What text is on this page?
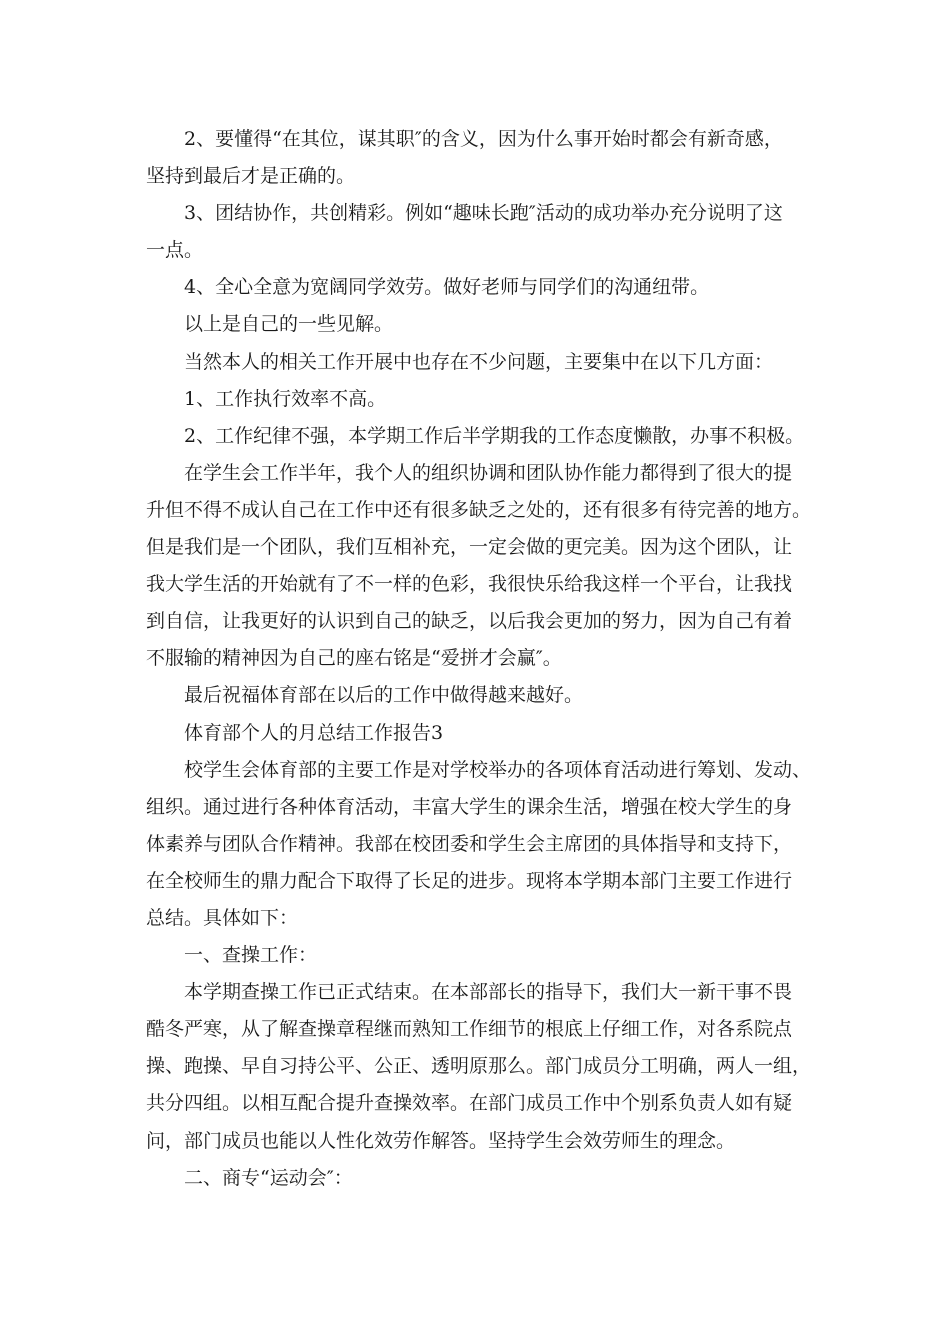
2、要懂得“在其位，谋其职″的含义，因为什么事开始时都会有新奇感，
坚持到最后才是正确的。
3、团结协作，共创精彩。例如“趣味长跑″活动的成功举办充分说明了这
一点。
4、全心全意为宽阔同学效劳。做好老师与同学们的沟通纽带。
以上是自己的一些见解。
当然本人的相关工作开展中也存在不少问题，主要集中在以下几方面：
1、工作执行效率不高。
2、工作纪律不强，本学期工作后半学期我的工作态度懒散，办事不积极。
在学生会工作半年，我个人的组织协调和团队协作能力都得到了很大的提
升但不得不成认自己在工作中还有很多缺乏之处的，还有很多有待完善的地方。
但是我们是一个团队，我们互相补充，一定会做的更完美。因为这个团队，让
我大学生活的开始就有了不一样的色彩，我很快乐给我这样一个平台，让我找
到自信，让我更好的认识到自己的缺乏，以后我会更加的努力，因为自己有着
不服输的精神因为自己的座右铭是“爱拼才会赢″。
最后祝福体育部在以后的工作中做得越来越好。
体育部个人的月总结工作报告3
校学生会体育部的主要工作是对学校举办的各项体育活动进行筹划、发动、
组织。通过进行各种体育活动，丰富大学生的课余生活，增强在校大学生的身
体素养与团队合作精神。我部在校团委和学生会主席团的具体指导和支持下，
在全校师生的鼎力配合下取得了长足的进步。现将本学期本部门主要工作进行
总结。具体如下：
一、查操工作：
本学期查操工作已正式结束。在本部部长的指导下，我们大一新干事不畏
酷冬严寒，从了解查操章程继而熟知工作细节的根底上仔细工作，对各系院点
操、跑操、早自习持公平、公正、透明原那么。部门成员分工明确，两人一组，
共分四组。以相互配合提升查操效率。在部门成员工作中个别系负责人如有疑
问，部门成员也能以人性化效劳作解答。坚持学生会效劳师生的理念。
二、商专“运动会″：
